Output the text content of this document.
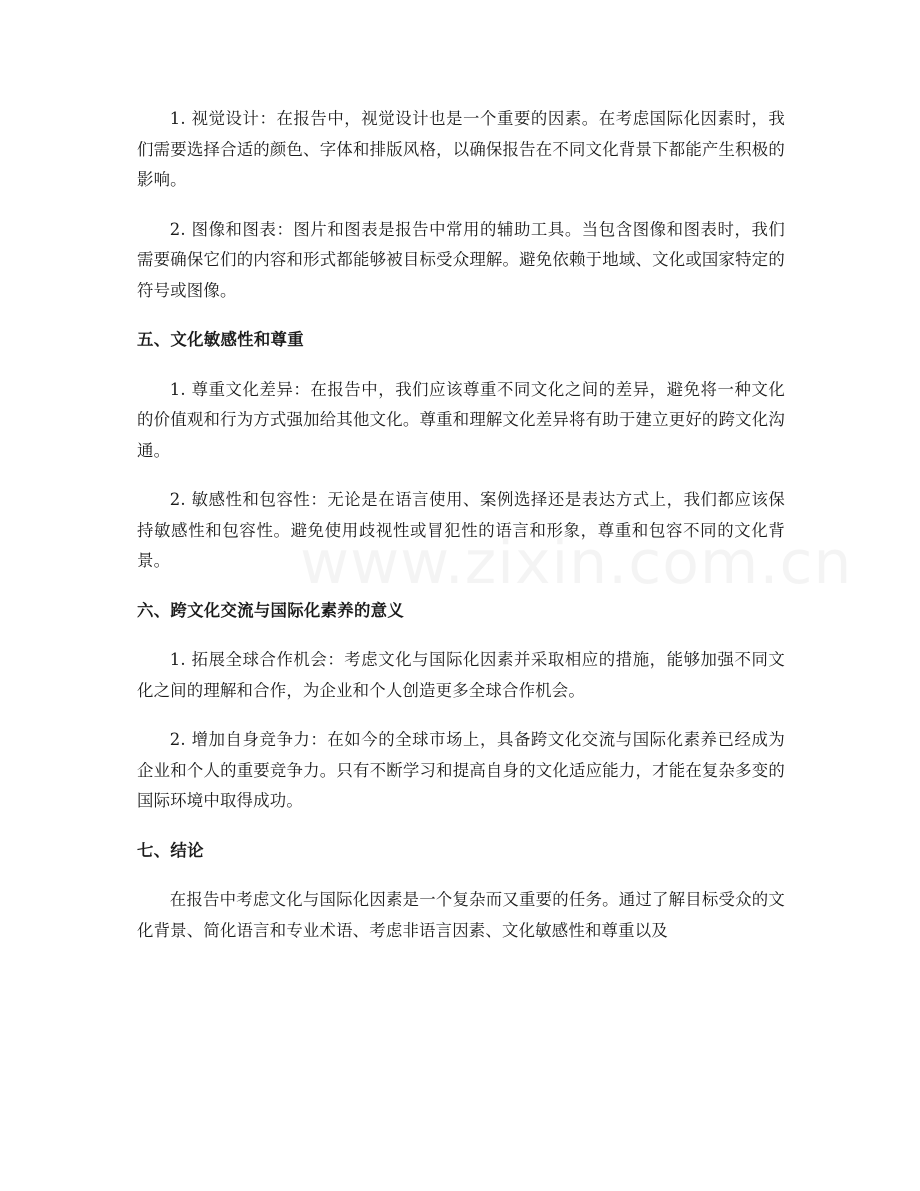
1. 视觉设计：在报告中，视觉设计也是一个重要的因素。在考虑国际化因素时，我们需要选择合适的颜色、字体和排版风格，以确保报告在不同文化背景下都能产生积极的影响。

2. 图像和图表：图片和图表是报告中常用的辅助工具。当包含图像和图表时，我们需要确保它们的内容和形式都能够被目标受众理解。避免依赖于地域、文化或国家特定的符号或图像。

五、文化敏感性和尊重

1. 尊重文化差异：在报告中，我们应该尊重不同文化之间的差异，避免将一种文化的价值观和行为方式强加给其他文化。尊重和理解文化差异将有助于建立更好的跨文化沟通。

2. 敏感性和包容性：无论是在语言使用、案例选择还是表达方式上，我们都应该保持敏感性和包容性。避免使用歧视性或冒犯性的语言和形象，尊重和包容不同的文化背景。

六、跨文化交流与国际化素养的意义

1. 拓展全球合作机会：考虑文化与国际化因素并采取相应的措施，能够加强不同文化之间的理解和合作，为企业和个人创造更多全球合作机会。

2. 增加自身竞争力：在如今的全球市场上，具备跨文化交流与国际化素养已经成为企业和个人的重要竞争力。只有不断学习和提高自身的文化适应能力，才能在复杂多变的国际环境中取得成功。

七、结论

在报告中考虑文化与国际化因素是一个复杂而又重要的任务。通过了解目标受众的文化背景、简化语言和专业术语、考虑非语言因素、文化敏感性和尊重以及
